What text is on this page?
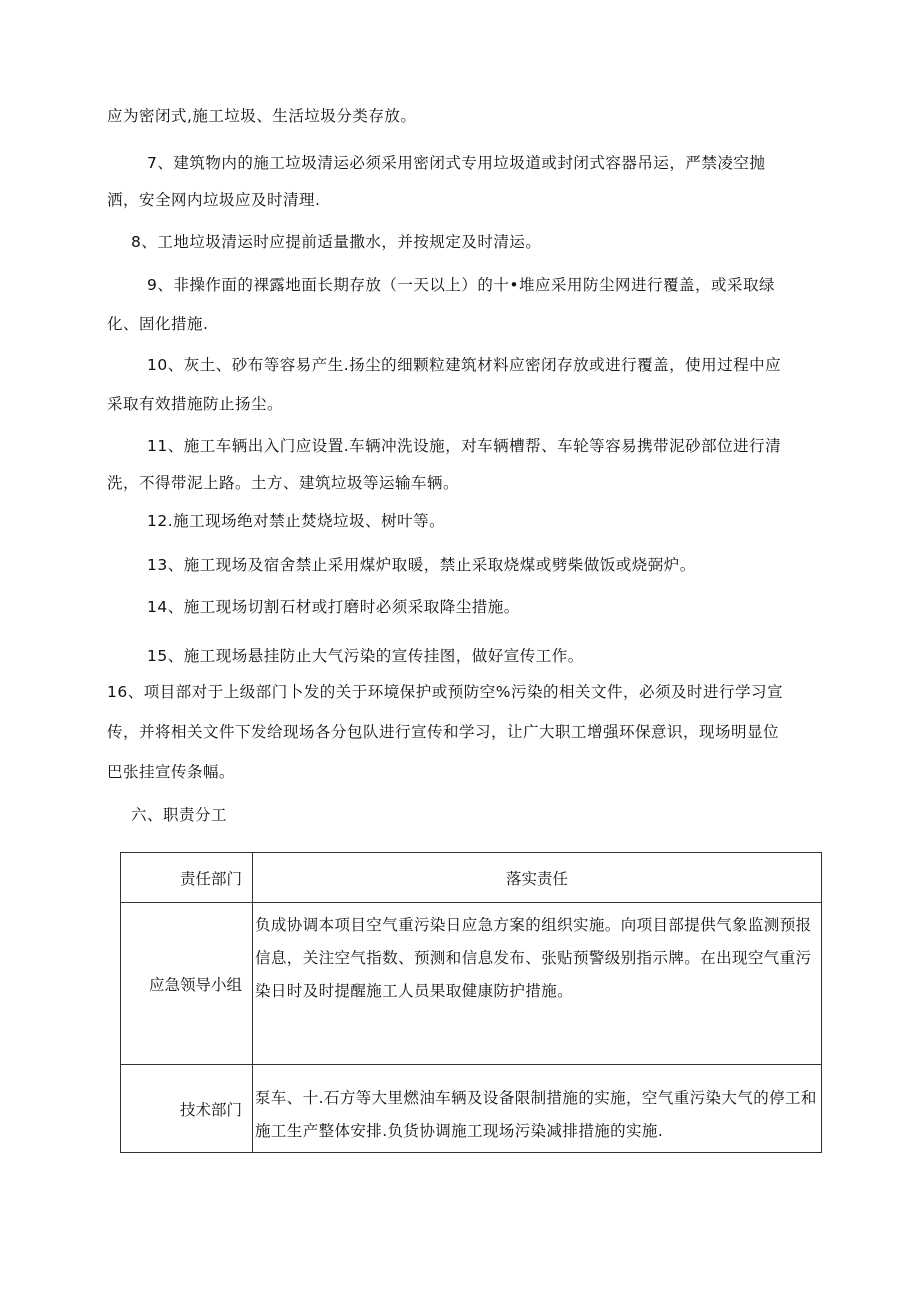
应为密闭式,施工垃圾、生活垃圾分类存放。
7、建筑物内的施工垃圾清运必须采用密闭式专用垃圾道或封闭式容器吊运，严禁凌空抛
洒，安全网内垃圾应及时清理.
8、工地垃圾清运时应提前适量撒水，并按规定及时清运。
9、非操作面的裸露地面长期存放（一天以上）的十•堆应采用防尘网进行覆盖，或采取绿
化、固化措施.
10、灰土、砂布等容易产生.扬尘的细颗粒建筑材料应密闭存放或进行覆盖，使用过程中应
采取有效措施防止扬尘。
11、施工车辆出入门应设置.车辆冲洗设施，对车辆槽帮、车轮等容易携带泥砂部位进行清
洗，不得带泥上路。土方、建筑垃圾等运输车辆。
12.施工现场绝对禁止焚烧垃圾、树叶等。
13、施工现场及宿舍禁止采用煤炉取暖，禁止采取烧煤或劈柴做饭或烧弼炉。
14、施工现场切割石材或打磨时必须采取降尘措施。
15、施工现场悬挂防止大气污染的宣传挂图，做好宣传工作。
16、项目部对于上级部门卜发的关于环境保护或预防空%污染的相关文件，必须及时进行学习宣
传，并将相关文件下发给现场各分包队进行宣传和学习，让广大职工增强环保意识，现场明显位
巴张挂宣传条幅。
六、职责分工
责任部门	落实责任
应急领导小组	负成协调本项目空气重污染日应急方案的组织实施。向项目部提供气象监测预报信息，关注空气指数、预测和信息发布、张贴预警级别指示牌。在出现空气重污染日时及时提醒施工人员果取健康防护措施。
技术部门	泵车、十.石方等大里燃油车辆及设备限制措施的实施，空气重污染大气的停工和施工生产整体安排.负货协调施工现场污染减排措施的实施.
